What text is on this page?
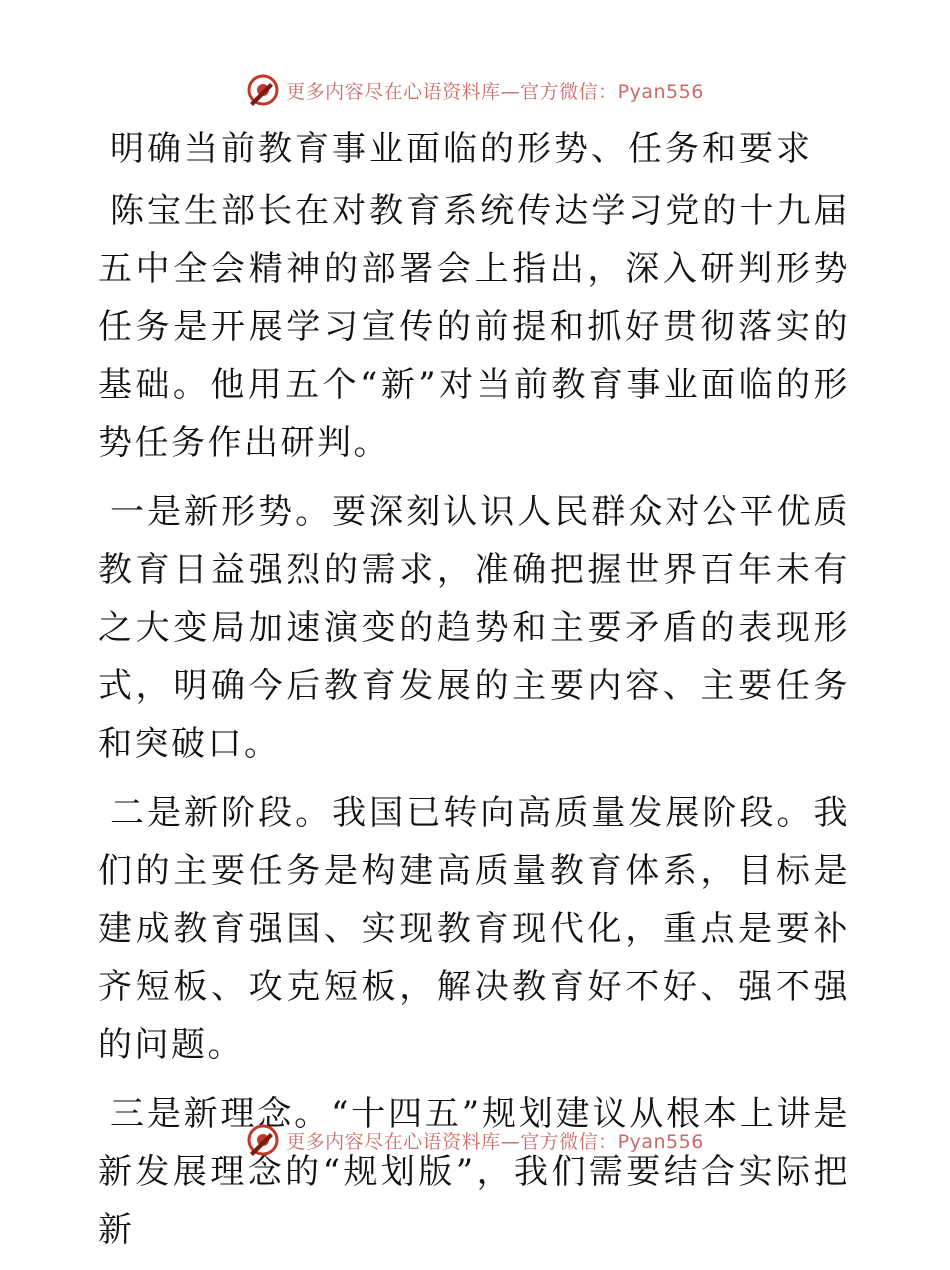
更多内容尽在心语资料库—官方微信：Pyan556
明确当前教育事业面临的形势、任务和要求

陈宝生部长在对教育系统传达学习党的十九届五中全会精神的部署会上指出，深入研判形势任务是开展学习宣传的前提和抓好贯彻落实的基础。他用五个“新”对当前教育事业面临的形势任务作出研判。

一是新形势。要深刻认识人民群众对公平优质教育日益强烈的需求，准确把握世界百年未有之大变局加速演变的趋势和主要矛盾的表现形式，明确今后教育发展的主要内容、主要任务和突破口。

二是新阶段。我国已转向高质量发展阶段。我们的主要任务是构建高质量教育体系，目标是建成教育强国、实现教育现代化，重点是要补齐短板、攻克短板，解决教育好不好、强不强的问题。

三是新理念。“十四五”规划建议从根本上讲是新发展理念的“规划版”，我们需要结合实际把新

更多内容尽在心语资料库—官方微信：Pyan556
